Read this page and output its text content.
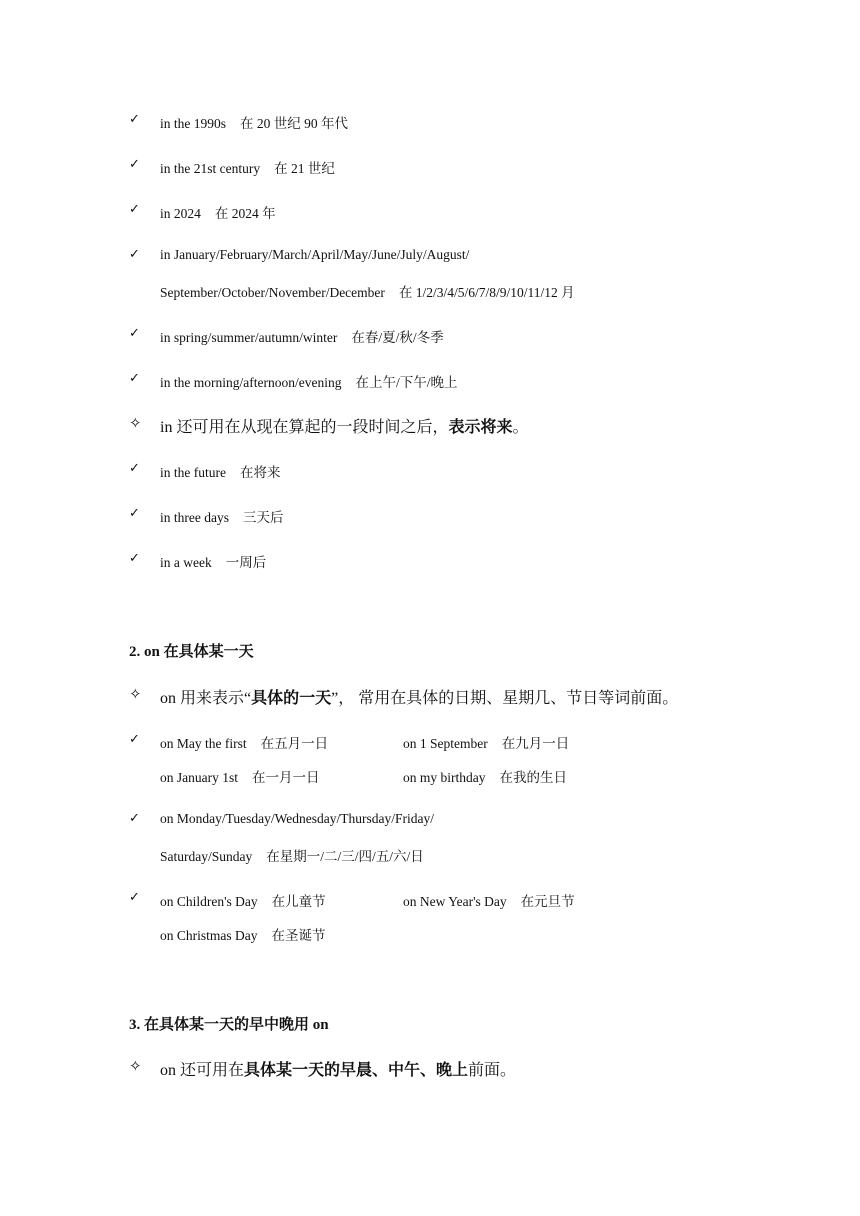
✓	in the 1990s 在 20 世纪 90 年代
✓	in the 21st century 在 21 世纪
✓	in 2024 在 2024 年
✓	in January/February/March/April/May/June/July/August/
September/October/November/December 在 1/2/3/4/5/6/7/8/9/10/11/12 月
✓	in spring/summer/autumn/winter 在春/夏/秋/冬季
✓	in the morning/afternoon/evening 在上午/下午/晚上
✧ in 还可用在从现在算起的一段时间之后，表示将来。
✓	in the future 在将来
✓	in three days 三天后
✓	in a week 一周后
2. on 在具体某一天
✧ on 用来表示“具体的一天”， 常用在具体的日期、星期几、节日等词前面。
✓	on May the first 在五月一日	on 1 September 在九月一日
on January 1st 在一月一日	on my birthday 在我的生日
✓	on Monday/Tuesday/Wednesday/Thursday/Friday/
Saturday/Sunday 在星期一/二/三/四/五/六/日
✓	on Children's Day 在儿童节	on New Year's Day 在元旦节
on Christmas Day 在圣诞节
3. 在具体某一天的早中晚用 on
✧ on 还可用在具体某一天的早晨、中午、晚上前面。
